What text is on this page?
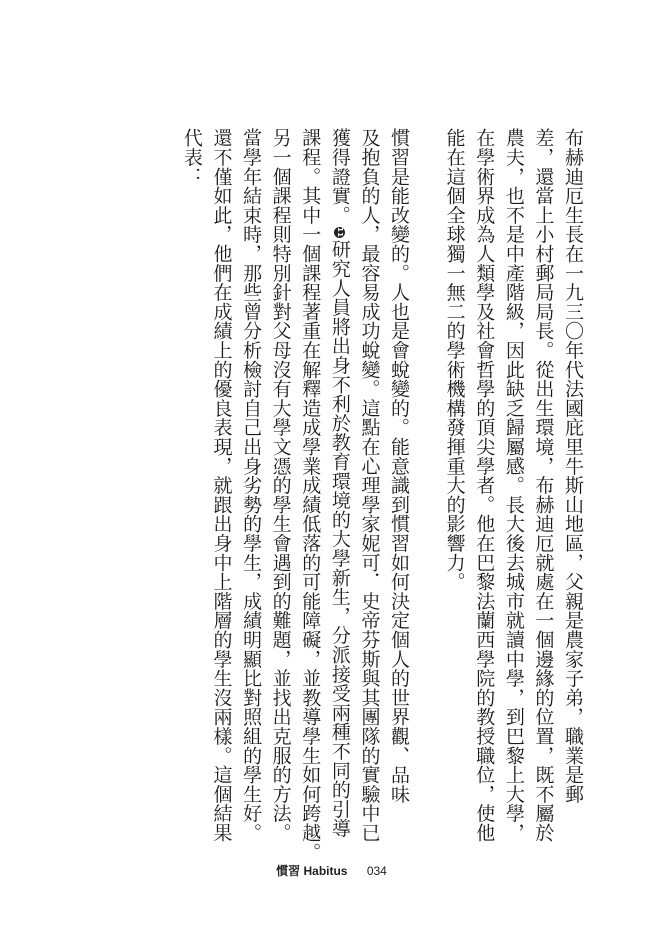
布赫迪厄生長在一九三〇年代法國庇里牛斯山地區，父親是農家子弟，職業是郵
差，還當上小村郵局局長。從出生環境，布赫迪厄就處在一個邊緣的位置，既不屬於
農夫，也不是中產階級，因此缺乏歸屬感。長大後去城市就讀中學，到巴黎上大學，
在學術界成為人類學及社會哲學的頂尖學者。他在巴黎法蘭西學院的教授職位，使他
能在這個全球獨一無二的學術機構發揮重大的影響力。
慣習是能改變的。人也是會蛻變的。能意識到慣習如何決定個人的世界觀、品味
及抱負的人，最容易成功蛻變。這點在心理學家妮可．史帝芬斯與其團隊的實驗中已
獲得證實。11研究人員將出身不利於教育環境的大學新生，分派接受兩種不同的引導
課程。其中一個課程著重在解釋造成學業成績低落的可能障礙，並教導學生如何跨越。
另一個課程則特別針對父母沒有大學文憑的學生會遇到的難題，並找出克服的方法。
當學年結束時，那些曾分析檢討自己出身劣勢的學生，成績明顯比對照組的學生好。
還不僅如此，他們在成績上的優良表現，就跟出身中上階層的學生沒兩樣。這個結果
代表：
慣習 Habitus 034
